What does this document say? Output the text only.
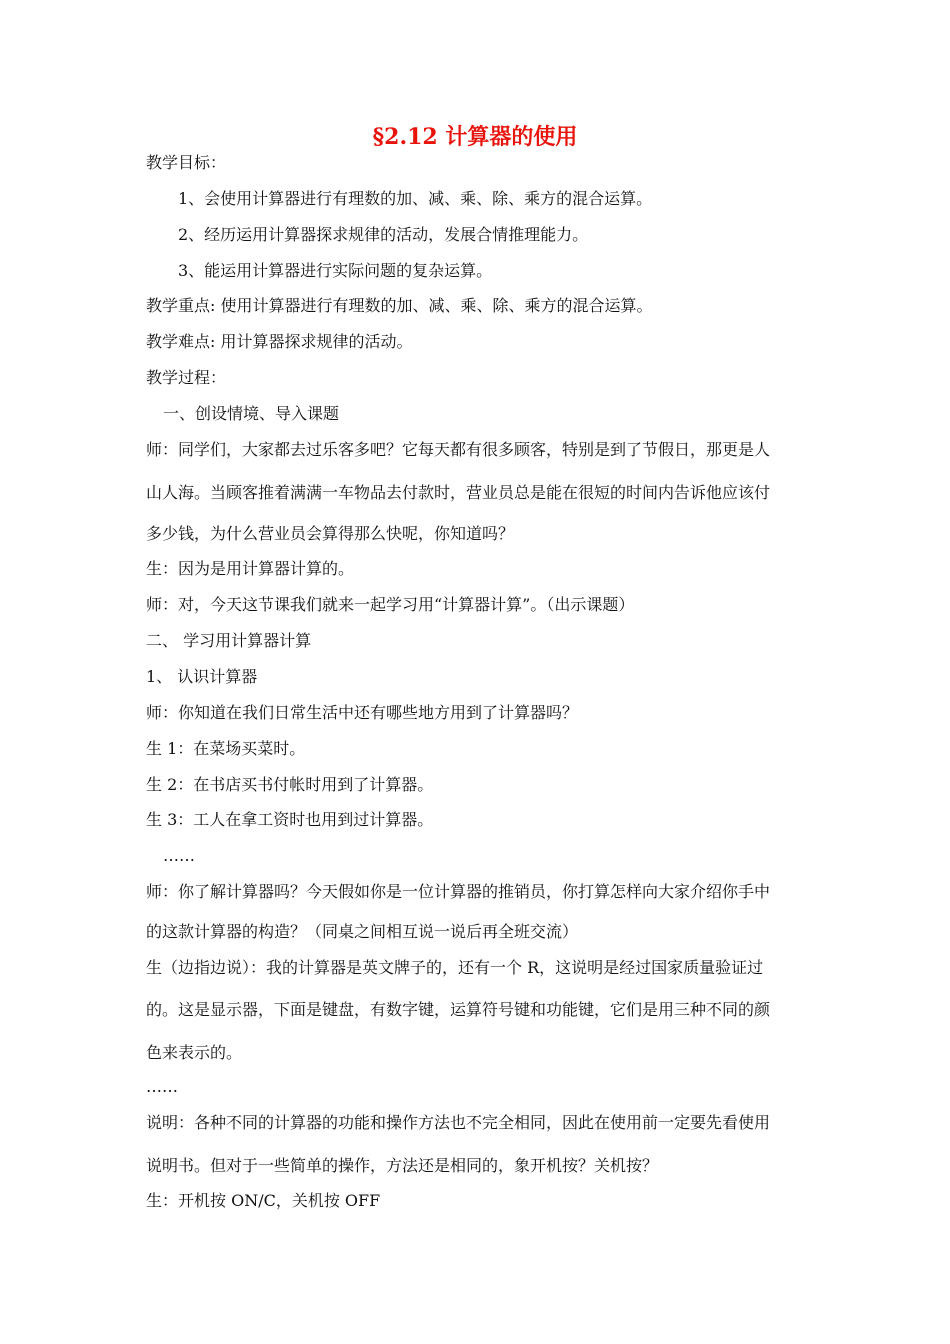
§2.12 计算器的使用
教学目标：
1、会使用计算器进行有理数的加、减、乘、除、乘方的混合运算。
2、经历运用计算器探求规律的活动，发展合情推理能力。
3、能运用计算器进行实际问题的复杂运算。
教学重点: 使用计算器进行有理数的加、减、乘、除、乘方的混合运算。
教学难点: 用计算器探求规律的活动。
教学过程：
一、创设情境、导入课题
师：同学们，大家都去过乐客多吧？它每天都有很多顾客，特别是到了节假日，那更是人
山人海。当顾客推着满满一车物品去付款时，营业员总是能在很短的时间内告诉他应该付
多少钱，为什么营业员会算得那么快呢，你知道吗？
生：因为是用计算器计算的。
师：对，今天这节课我们就来一起学习用“计算器计算”。（出示课题）
二、 学习用计算器计算
1、 认识计算器
师：你知道在我们日常生活中还有哪些地方用到了计算器吗？
生 1：在菜场买菜时。
生 2：在书店买书付帐时用到了计算器。
生 3：工人在拿工资时也用到过计算器。
……
师：你了解计算器吗？今天假如你是一位计算器的推销员，你打算怎样向大家介绍你手中
的这款计算器的构造？（同桌之间相互说一说后再全班交流）
生（边指边说）：我的计算器是英文牌子的，还有一个 R，这说明是经过国家质量验证过
的。这是显示器，下面是键盘，有数字键，运算符号键和功能键，它们是用三种不同的颜
色来表示的。
……
说明：各种不同的计算器的功能和操作方法也不完全相同，因此在使用前一定要先看使用
说明书。但对于一些简单的操作，方法还是相同的，象开机按？关机按？
生：开机按 ON/C，关机按 OFF
